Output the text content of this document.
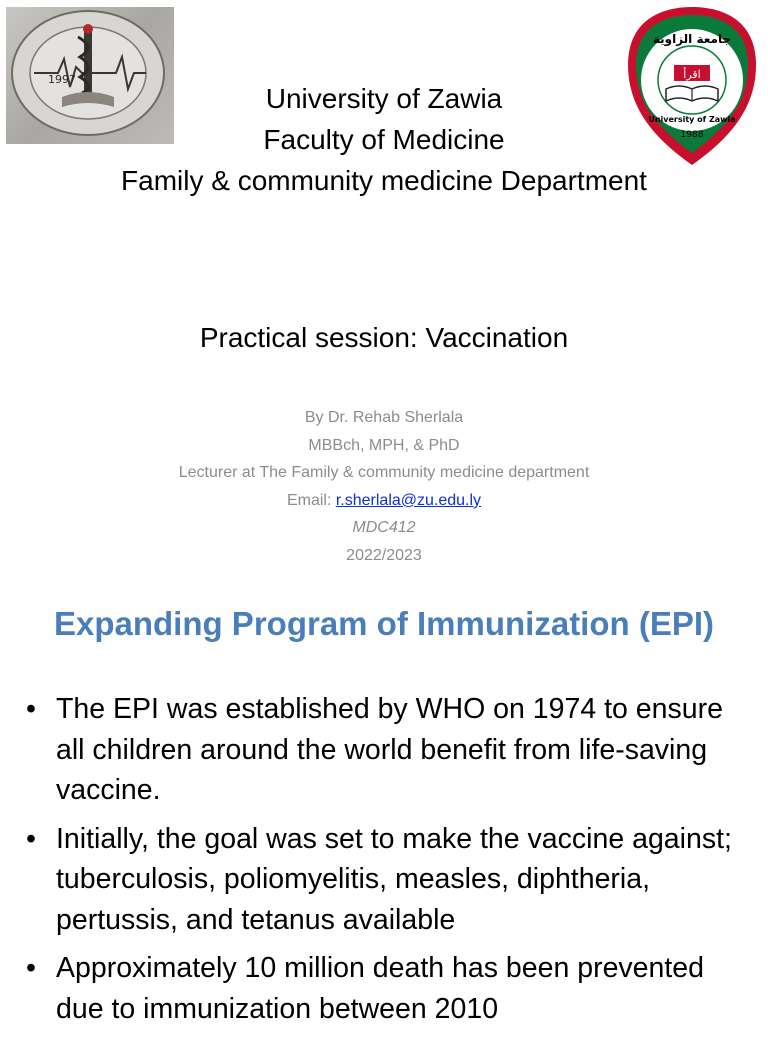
1997	اقرأ
جامعة الزاوية
University of Zawia
1988
University of Zawia
Faculty of Medicine
Family & community medicine Department
Practical session: Vaccination
By Dr. Rehab Sherlala
MBBch, MPH, & PhD
Lecturer at The Family & community medicine department
Email: r.sherlala@zu.edu.ly
MDC412
2022/2023
Expanding Program of Immunization (EPI)
• The EPI was established by WHO on 1974 to ensure all children around the world benefit from life-saving vaccine.
• Initially, the goal was set to make the vaccine against; tuberculosis, poliomyelitis, measles, diphtheria, pertussis, and tetanus available
• Approximately 10 million death has been prevented due to immunization between 2010
